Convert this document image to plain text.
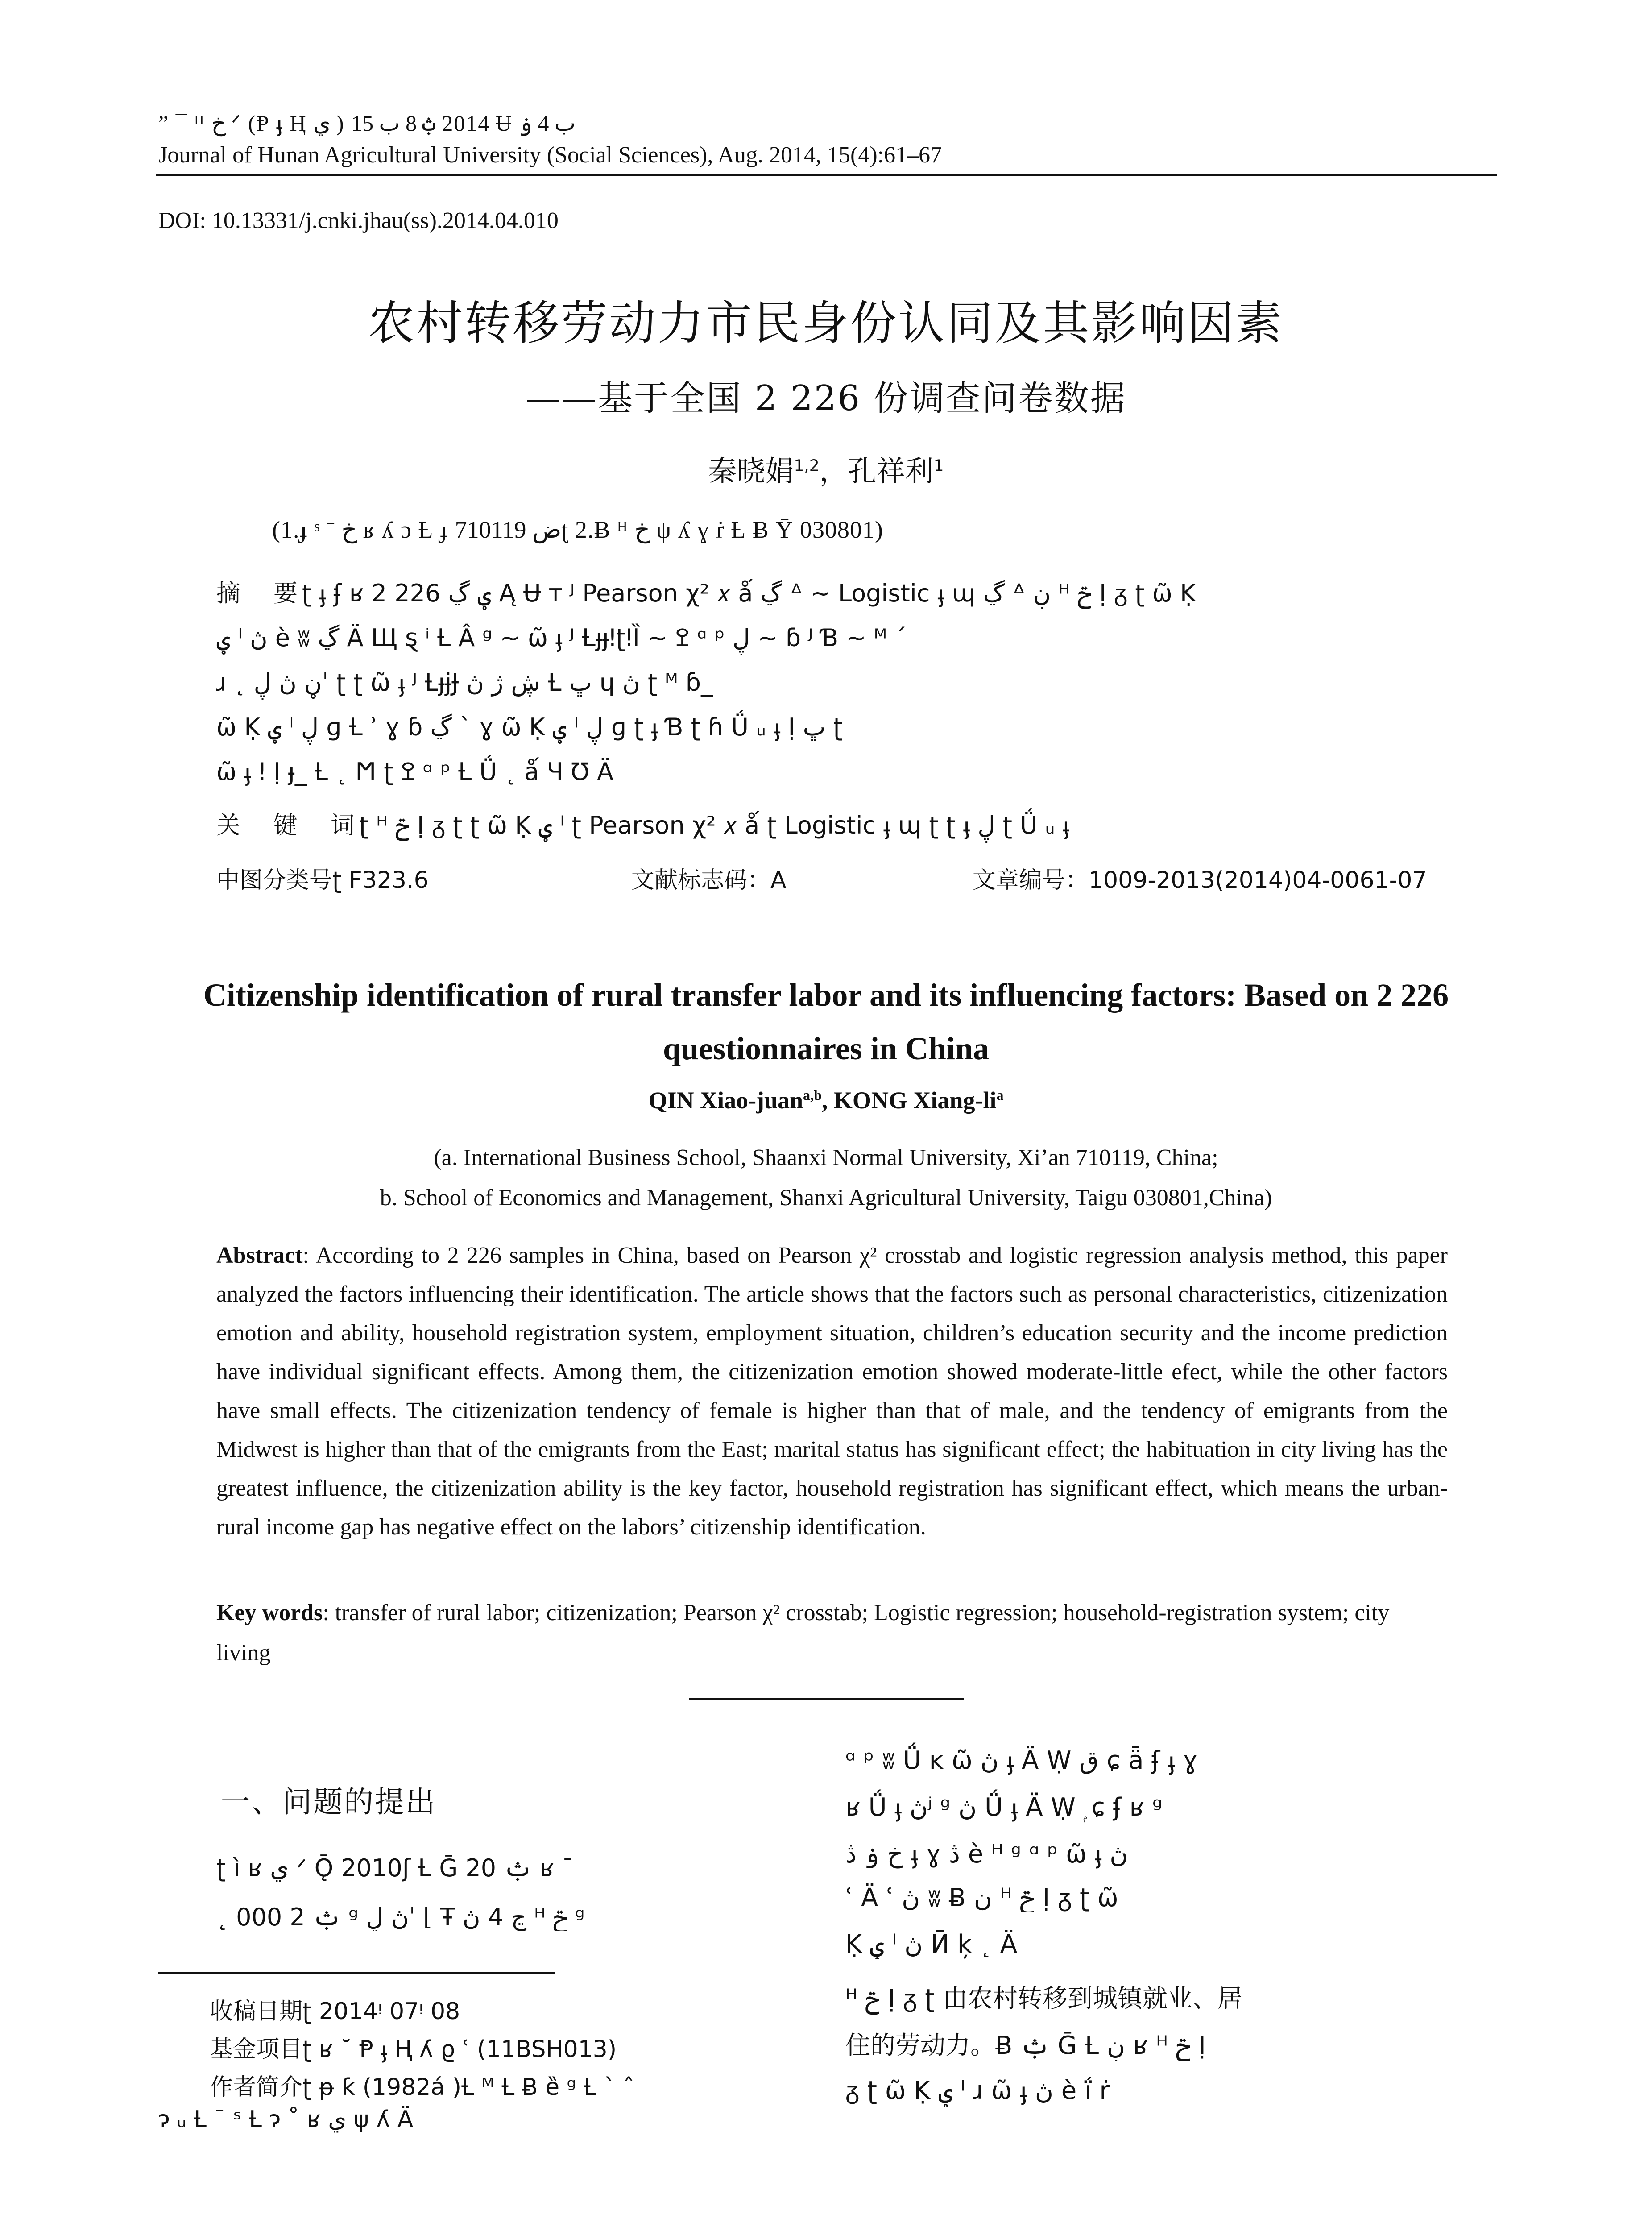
” ¯ ᴴ خ ᐟ (Ᵽ ֈ Ⱨ ي ) 2014 ݑ 8 ب 15 Ʉ ب 4 ۏ
Journal of Hunan Agricultural University (Social Sciences), Aug. 2014, 15(4):61–67
DOI: 10.13331/j.cnki.jhau(ss).2014.04.010
农村转移劳动力市民身份认同及其影响因素
——基于全国 2 226 份调查问卷数据
秦晓娟$^{1,2}$，孔祥利$^1$
(1.ɟ ˢ ˉ خ ʁ ʎ ɔ Ƚ ɟ ض 710119ʈ 2.Ƀ ᴴ خ ψ ʎ ɣ ṙ Ƚ Ƀ Ῡ 030801)
摘　要ʈ ֈ ʄ ʁ 2 226 ؠ ڲ Ą Ʉ ᴛ ᴶ Pearson χ² 𝑥 ǻ ڲ ᐞ ~ Logistic ֈ ɰ ڲ ᐞ ڹ ᴴ ݗ Ị ᵹ ʈ ῶ Ḳ
ؠ ˡ ڽ è ʬ ڲ Ä Щ ȿ ⁱ Ƚ Â ᵍ ~ ῶ ֈ ᴶ ȽɟɟǃʈǃȈ ~ ߐ ᵅ ᵖ ڸ ~ ɓ ᴶ Ɓ ~ ᴹ ˊ
ɹ ˛ ڼ ڽ ڸˈ ʈ ʈ ῶ ֈ ᴶ ȽɟɉɈ ڜ ژ ڽ Ƚ ڀ ɥ ڽ ʈ ᴹ ɓ_
ῶ Ḳ ؠ ˡ ڸ ɡ Ƚ ʾ ɣ ɓ ڲ ˋ ɣ ῶ Ḳ ؠ ˡ ڸ ɡ ʈ ֈ Ɓ ʈ ɦ Ǘ ᵤ ֈ Ị ڀ ʈ
ῶ ֈ ǃ Ị ɟ_ Ƚ ˛ Ϻ ʈ ߐ ᵅ ᵖ Ƚ Ǘ ˛ ǻ Ч Ʊ Ä
关　键　词ʈ ᴴ ݗ Ị ᵹ ʈ ʈ ῶ Ḳ ؠ ˡ ʈ Pearson χ² 𝑥 ǻ ʈ Logistic ֈ ɰ ʈ ʈ ֈ ڸ ʈ Ǘ ᵤ ֈ
中图分类号ʈ F323.6	文献标志码：A	文章编号：1009-2013(2014)04-0061-07
Citizenship identification of rural transfer labor and its influencing factors: Based on 2 226 questionnaires in China
QIN Xiao-juan$^{a,b}$, KONG Xiang-$li^a$
(a. International Business School, Shaanxi Normal University, Xi’an 710119, China;
b. School of Economics and Management, Shanxi Agricultural University, Taigu 030801,China)
Abstract: According to 2 226 samples in China, based on Pearson χ² crosstab and logistic regression analysis method, this paper analyzed the factors influencing their identification. The article shows that the factors such as personal characteristics, citizenization emotion and ability, household registration system, employment situation, children’s education security and the income prediction have individual significant effects. Among them, the citizenization emotion showed moderate-little efect, while the other factors have small effects. The citizenization tendency of female is higher than that of male, and the tendency of emigrants from the Midwest is higher than that of the emigrants from the East; marital status has significant effect; the habituation in city living has the greatest influence, the citizenization ability is the key factor, household registration has significant effect, which means the urban-rural income gap has negative effect on the labors’ citizenship identification.
Key words: transfer of rural labor; citizenization; Pearson χ² crosstab; Logistic regression; household-registration system; city living
一、问题的提出
ʈ ì ʁ ي ᐟ Ǭ 2010ʃ Ƚ Ḡ 20 ݑ ʁ ¯
˛ ݑ 2 000 ᵍ ڽ ڸˈ ⌊ Ŧ ڃ 4 ڽ ᴴ ݗ ᵍ
收稿日期ʈ 2014ᵎ 07ᵎ 08
基金项目ʈ ʁ ˘ Ᵽ ֈ Ⱨ ʎ ϱ ʿ (11BSH013)
作者简介ʈ ᵽ ƙ (1982á )Ƚ ᴹ Ƚ Ƀ ȅ ᵍ Ƚ ˋ ˆ
ɂ ᵤ Ƚ ¯ ˢ Ƚ ɂ ˚ ʁ ي ψ ʎ Ä
ᵅ ᵖ ʬ Ǘ ĸ ῶ ڽ ֈ Ä Ẉ ق ɕ ǟ ʄ ֈ ɣ
ʁ Ǘ ֈ ڽʲ ᵍ ڽ Ǘ ֈ Ä Ẉ ۭ ɕ ʄ ʁ ᵍ
خ ۏ ڎ ֈ ɣ ڎ è ᴴ ᵍ ᵅ ᵖ ῶ ֈ ڽ
ʿ Ä ʿ ڽ ʬ Ƀ ڹ ᴴ ݗ Ị ᵹ ʈ ῶ
Ḳ ؠ ˡ ڽ Ӣ ķ ˛ Ä
ᴴ ݗ Ị ᵹ ʈ 由农村转移到城镇就业、居
住的劳动力。Ƀ ݑ Ḡ Ƚ ڹ ʁ ᴴ ݗ Ị
ᵹ ʈ ῶ Ḳ ؠ ˡ ɹ ῶ ֈ ڽ è ḯ ṙ
